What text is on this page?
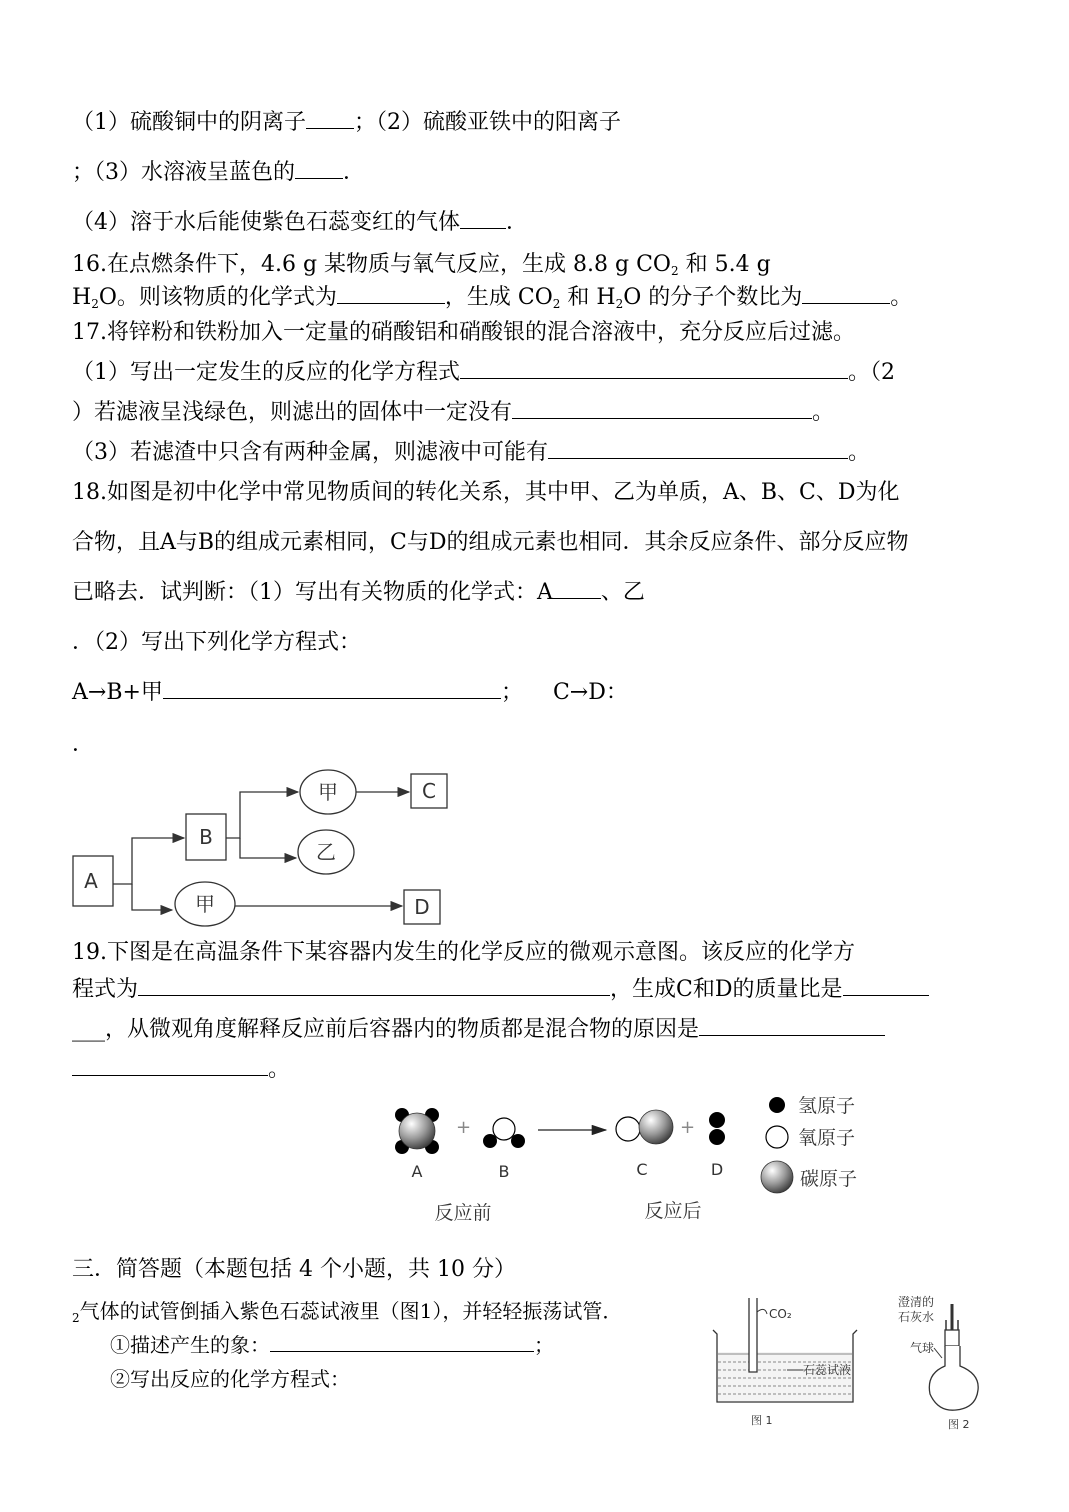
（1）硫酸铜中的阴离子 ；（2）硫酸亚铁中的阳离子
；（3）水溶液呈蓝色的 ．
（4）溶于水后能使紫色石蕊变红的气体 ．
16.在点燃条件下，4.6 g 某物质与氧气反应，生成 8.8 g $CO_2$ 和 5.4 g
$H_2O$。则该物质的化学式为	，生成 $CO_2$ 和 $H_2O$ 的分子个数比为	。
17.将锌粉和铁粉加入一定量的硝酸铝和硝酸银的混合溶液中，充分反应后过滤。
（1）写出一定发生的反应的化学方程式	。（2
）若滤液呈浅绿色，则滤出的固体中一定没有	。
（3）若滤渣中只含有两种金属，则滤液中可能有	。
18.如图是初中化学中常见物质间的转化关系，其中甲、乙为单质，A、B、C、D为化
合物，且A与B的组成元素相同，C与D的组成元素也相同．其余反应条件、部分反应物
已略去．试判断：（1）写出有关物质的化学式：A 、乙
．（2）写出下列化学方程式：
A→B+甲	； C→D：
．
A
B
C
D
甲
乙
甲
19.下图是在高温条件下某容器内发生的化学反应的微观示意图。该反应的化学方
程式为	，生成C和D的质量比是
___，从微观角度解释反应前后容器内的物质都是混合物的原因是
。
+	+
A	B	C	D
反应前	反应后
氢原子
氧原子
碳原子
三．简答题（本题包括 4 个小题，共 10 分）
$_2$气体的试管倒插入紫色石蕊试液里（图1），并轻轻振荡试管．
①描述产生的象：	；
②写出反应的化学方程式：
CO₂
石蕊试液
图 1
澄清的
石灰水
气球
图 2
